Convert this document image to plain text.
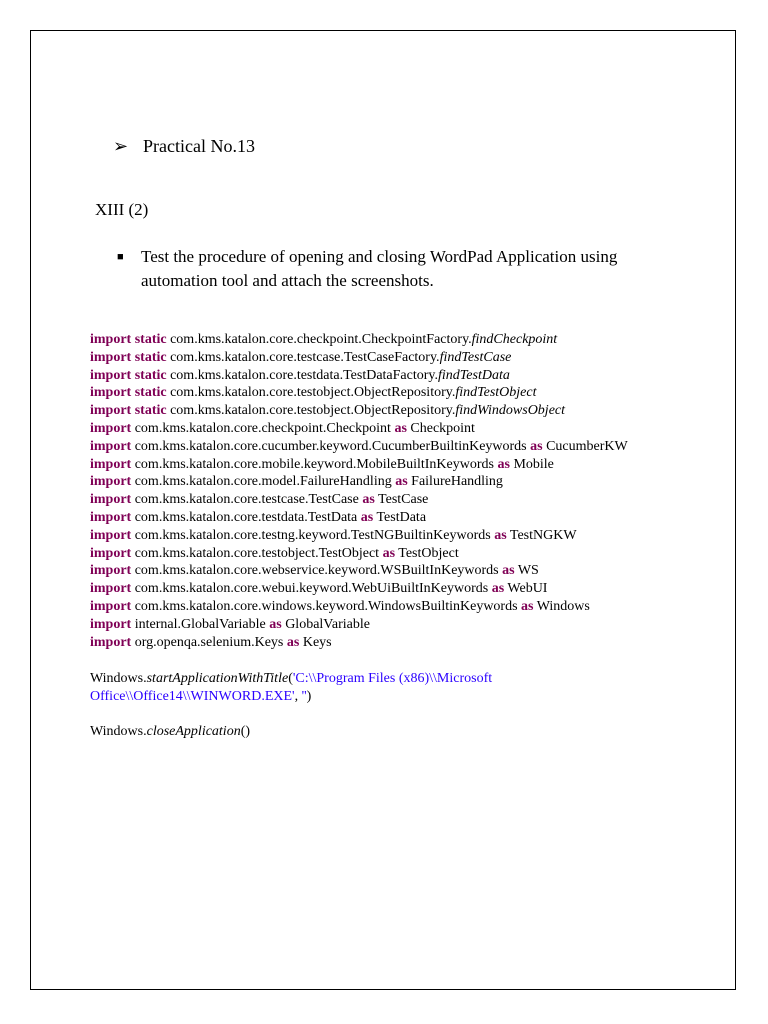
➢ Practical No.13
XIII (2)
■	Test the procedure of opening and closing WordPad Application using automation tool and attach the screenshots.
import static com.kms.katalon.core.checkpoint.CheckpointFactory.findCheckpoint
import static com.kms.katalon.core.testcase.TestCaseFactory.findTestCase
import static com.kms.katalon.core.testdata.TestDataFactory.findTestData
import static com.kms.katalon.core.testobject.ObjectRepository.findTestObject
import static com.kms.katalon.core.testobject.ObjectRepository.findWindowsObject
import com.kms.katalon.core.checkpoint.Checkpoint as Checkpoint
import com.kms.katalon.core.cucumber.keyword.CucumberBuiltinKeywords as CucumberKW
import com.kms.katalon.core.mobile.keyword.MobileBuiltInKeywords as Mobile
import com.kms.katalon.core.model.FailureHandling as FailureHandling
import com.kms.katalon.core.testcase.TestCase as TestCase
import com.kms.katalon.core.testdata.TestData as TestData
import com.kms.katalon.core.testng.keyword.TestNGBuiltinKeywords as TestNGKW
import com.kms.katalon.core.testobject.TestObject as TestObject
import com.kms.katalon.core.webservice.keyword.WSBuiltInKeywords as WS
import com.kms.katalon.core.webui.keyword.WebUiBuiltInKeywords as WebUI
import com.kms.katalon.core.windows.keyword.WindowsBuiltinKeywords as Windows
import internal.GlobalVariable as GlobalVariable
import org.openqa.selenium.Keys as Keys
Windows.startApplicationWithTitle('C:\\Program Files (x86)\\Microsoft
Office\\Office14\\WINWORD.EXE', '')
Windows.closeApplication()
